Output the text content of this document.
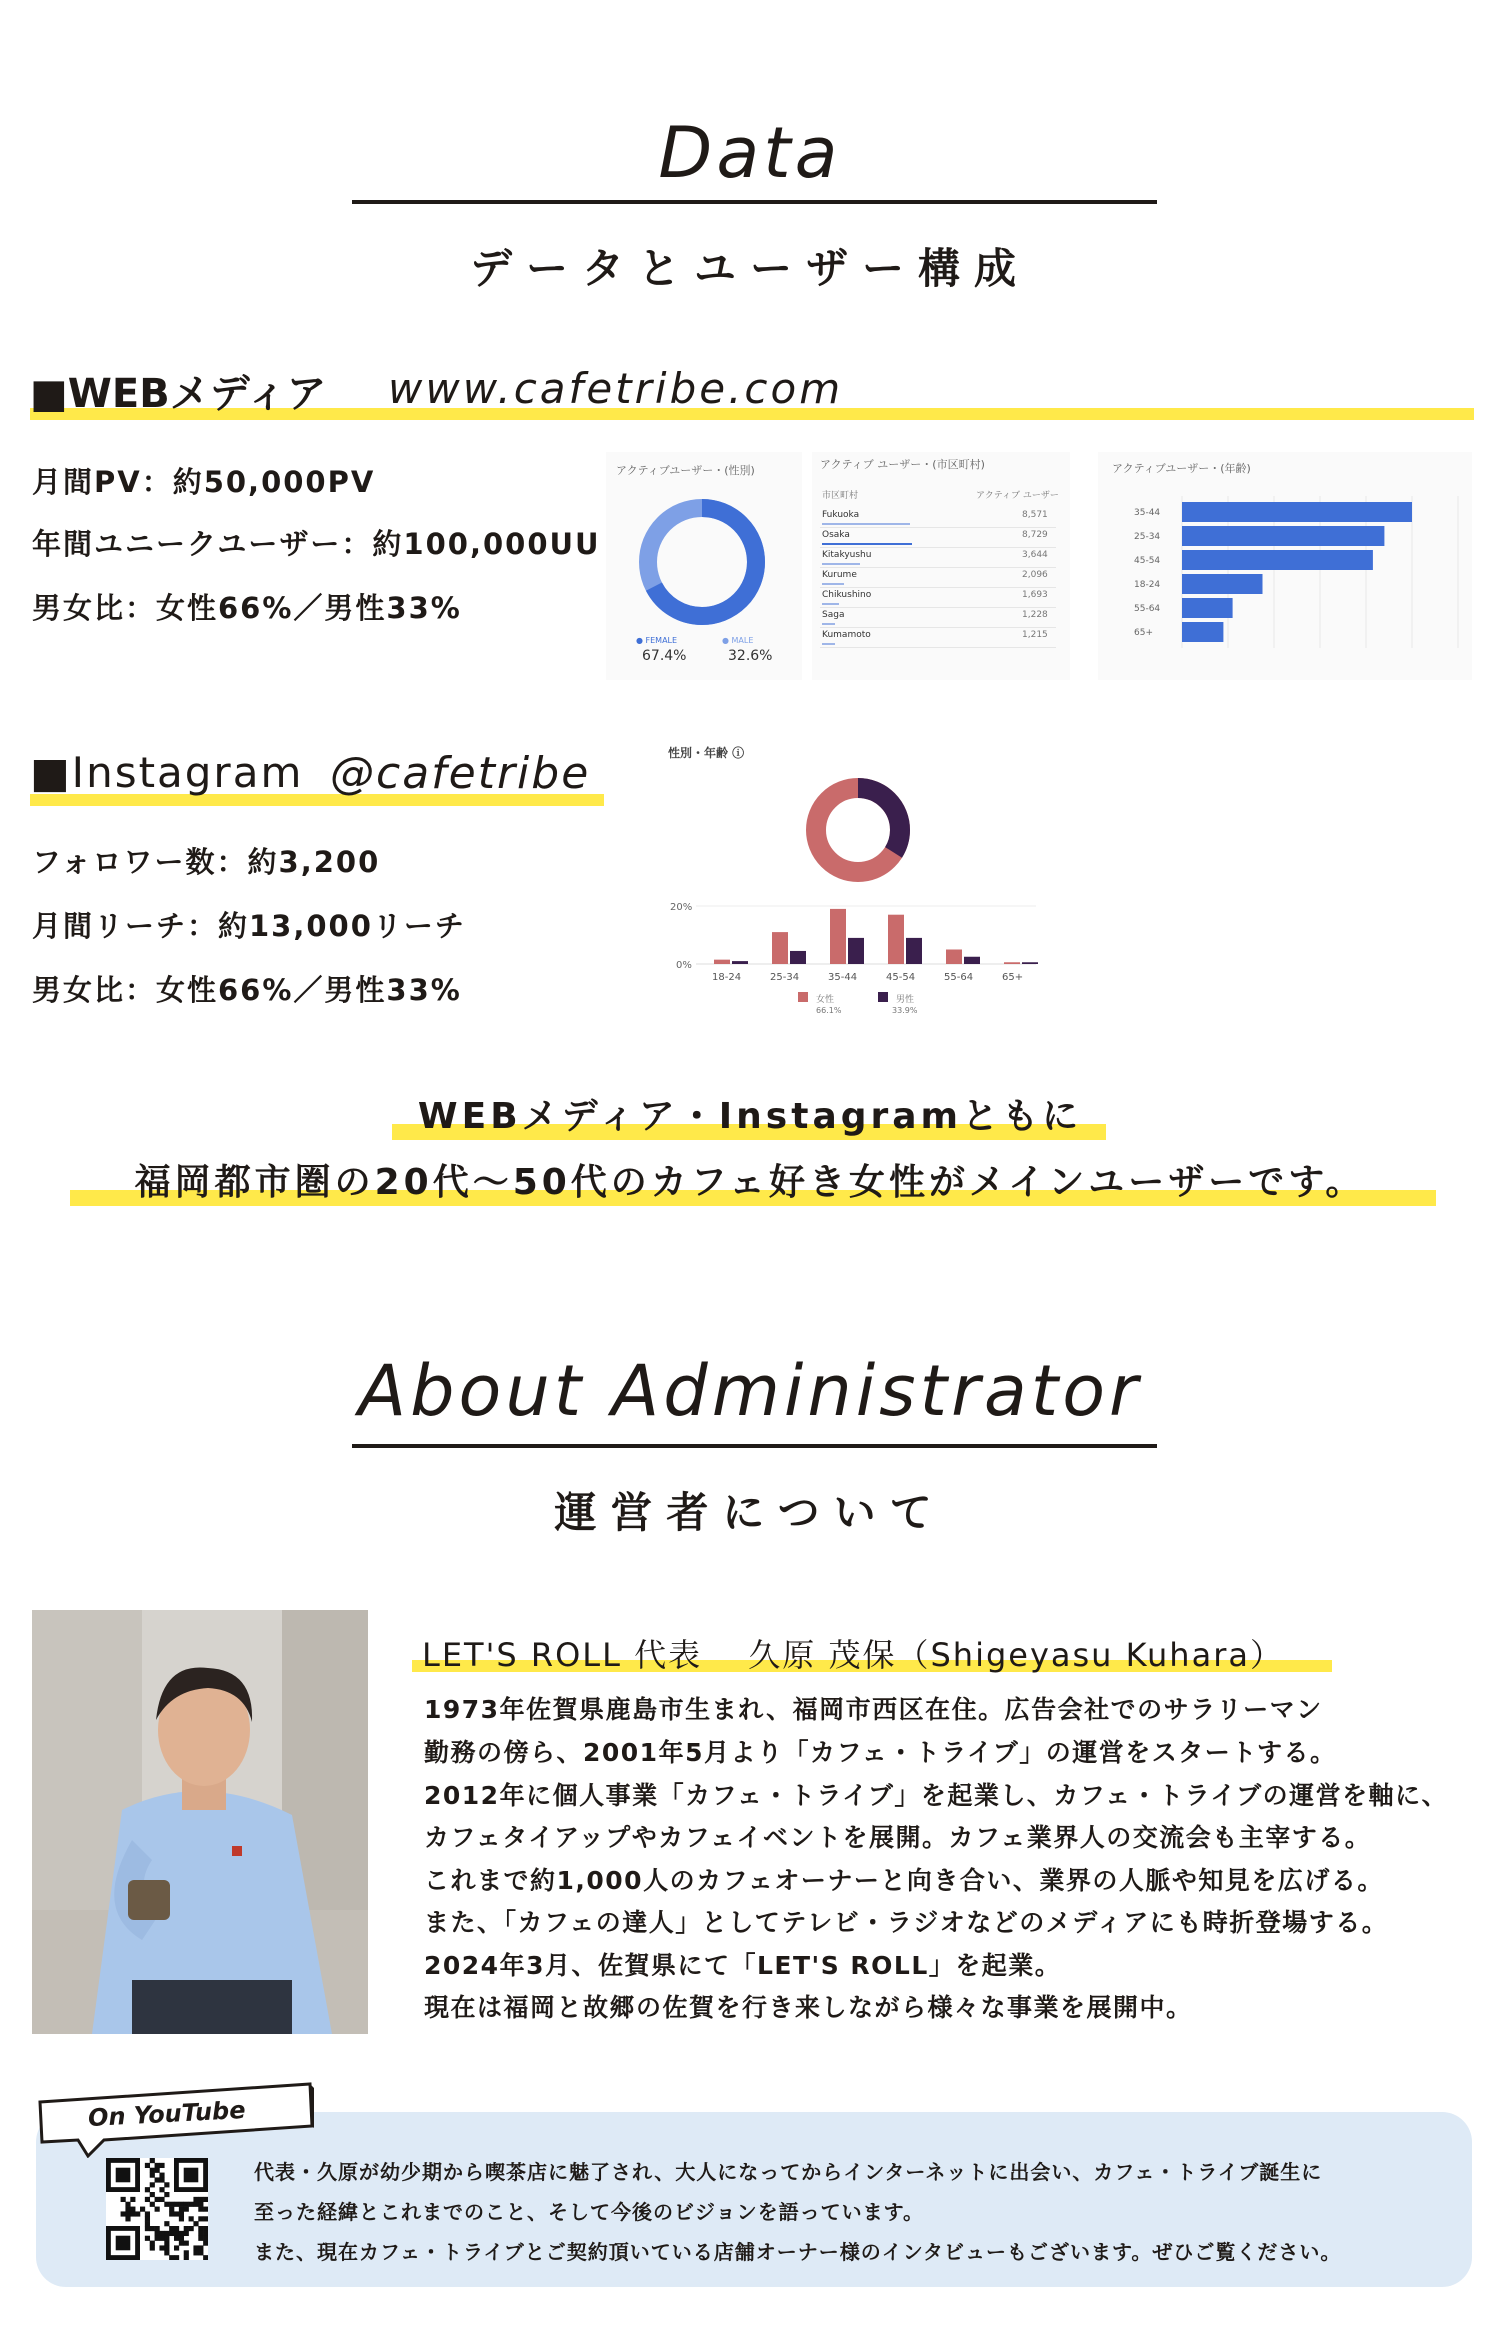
Data
データとユーザー構成
■WEBメディア www.cafetribe.com
月間PV：約50,000PV
年間ユニークユーザー：約100,000UU
男女比：女性66%／男性33%
アクティブユーザー・(性別)
● FEMALE	● MALE
67.4%	32.6%
アクティブ ユーザー・(市区町村)
市区町村	アクティブ ユーザー
Fukuoka	8,571
Osaka	8,729
Kitakyushu	3,644
Kurume	2,096
Chikushino	1,693
Saga	1,228
Kumamoto	1,215
アクティブユーザー・(年齢)
35-44
25-34
45-54
18-24
55-64
65+
■Instagram @cafetribe
フォロワー数：約3,200
月間リーチ：約13,000リーチ
男女比：女性66%／男性33%
性別・年齢 ⓘ
20%
0%
18-24	25-34	35-44	45-54	55-64	65+
女性	男性
66.1%	33.9%
WEBメディア・Instagramともに
福岡都市圏の20代〜50代のカフェ好き女性がメインユーザーです。
About Administrator
運営者について
LET'S ROLL 代表　 久原 茂保（Shigeyasu Kuhara）
1973年佐賀県鹿島市生まれ、福岡市西区在住。広告会社でのサラリーマン
勤務の傍ら、2001年5月より「カフェ・トライブ」の運営をスタートする。
2012年に個人事業「カフェ・トライブ」を起業し、カフェ・トライブの運営を軸に、
カフェタイアップやカフェイベントを展開。カフェ業界人の交流会も主宰する。
これまで約1,000人のカフェオーナーと向き合い、業界の人脈や知見を広げる。
また、「カフェの達人」としてテレビ・ラジオなどのメディアにも時折登場する。
2024年3月、佐賀県にて「LET'S ROLL」を起業。
現在は福岡と故郷の佐賀を行き来しながら様々な事業を展開中。
On YouTube
代表・久原が幼少期から喫茶店に魅了され、大人になってからインターネットに出会い、カフェ・トライブ誕生に
至った経緯とこれまでのこと、そして今後のビジョンを語っています。
また、現在カフェ・トライブとご契約頂いている店舗オーナー様のインタビューもございます。ぜひご覧ください。
